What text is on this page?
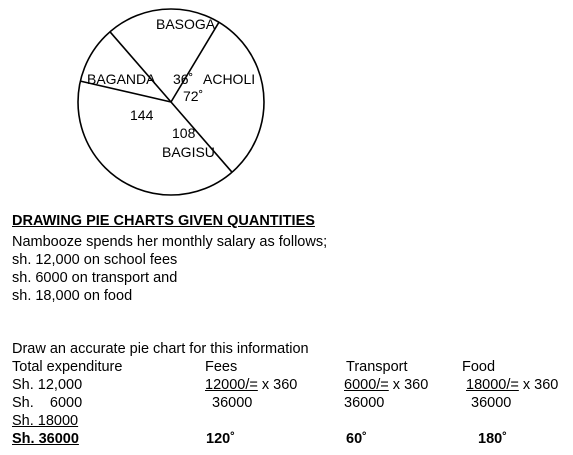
BASOGA
BAGANDA 36˚ ACHOLI
72˚
144
108
BAGISU
DRAWING PIE CHARTS GIVEN QUANTITIES
Nambooze spends her monthly salary as follows;
sh. 12,000 on school fees
sh. 6000 on transport and
sh. 18,000 on food
Draw an accurate pie chart for this information
Total expenditure	Fees	Transport	Food
Sh. 12,000	12000/= x 360	6000/= x 360	18000/= x 360
Sh.    6000	36000	36000	36000
Sh. 18000
Sh. 36000	120˚	60˚	180˚
